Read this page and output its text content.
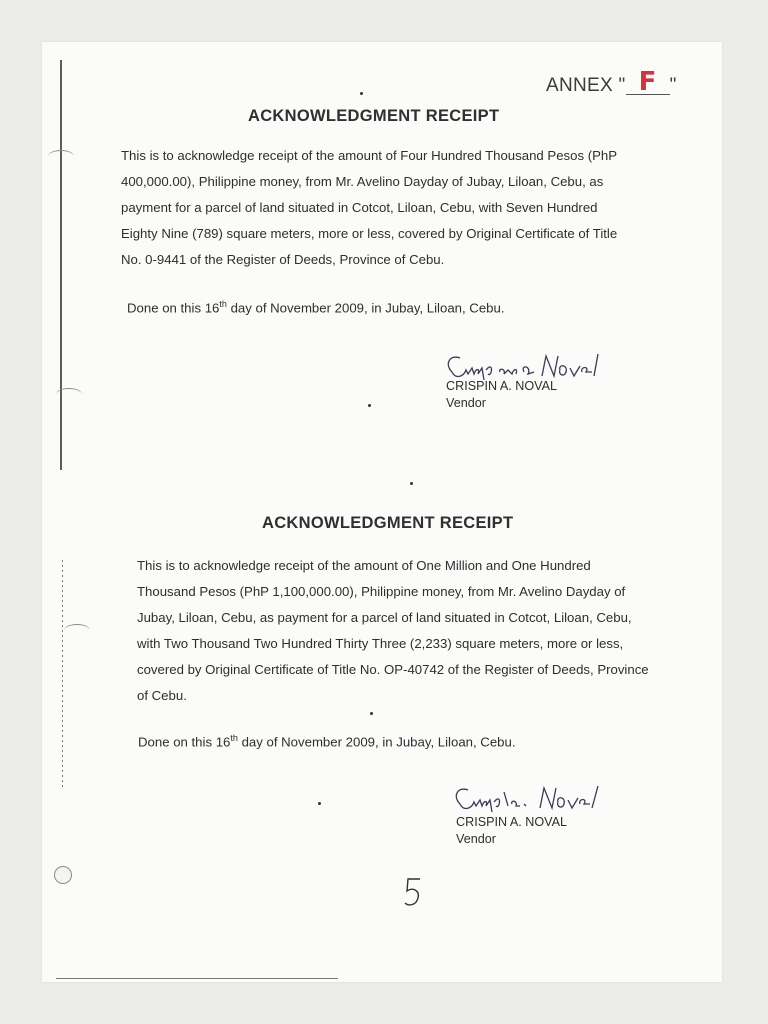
ANNEX " F "
ACKNOWLEDGMENT RECEIPT
This is to acknowledge receipt of the amount of Four Hundred Thousand Pesos (PhP
400,000.00), Philippine money, from Mr. Avelino Dayday of Jubay, Liloan, Cebu, as
payment for a parcel of land situated in Cotcot, Liloan, Cebu, with Seven Hundred
Eighty Nine (789) square meters, more or less, covered by Original Certificate of Title
No. 0-9441 of the Register of Deeds, Province of Cebu.
Done on this 16th day of November 2009, in Jubay, Liloan, Cebu.
CRISPIN A. NOVAL
Vendor
ACKNOWLEDGMENT RECEIPT
This is to acknowledge receipt of the amount of One Million and One Hundred
Thousand Pesos (PhP 1,100,000.00), Philippine money, from Mr. Avelino Dayday of
Jubay, Liloan, Cebu, as payment for a parcel of land situated in Cotcot, Liloan, Cebu,
with Two Thousand Two Hundred Thirty Three (2,233) square meters, more or less,
covered by Original Certificate of Title No. OP-40742 of the Register of Deeds, Province
of Cebu.
Done on this 16th day of November 2009, in Jubay, Liloan, Cebu.
CRISPIN A. NOVAL
Vendor
